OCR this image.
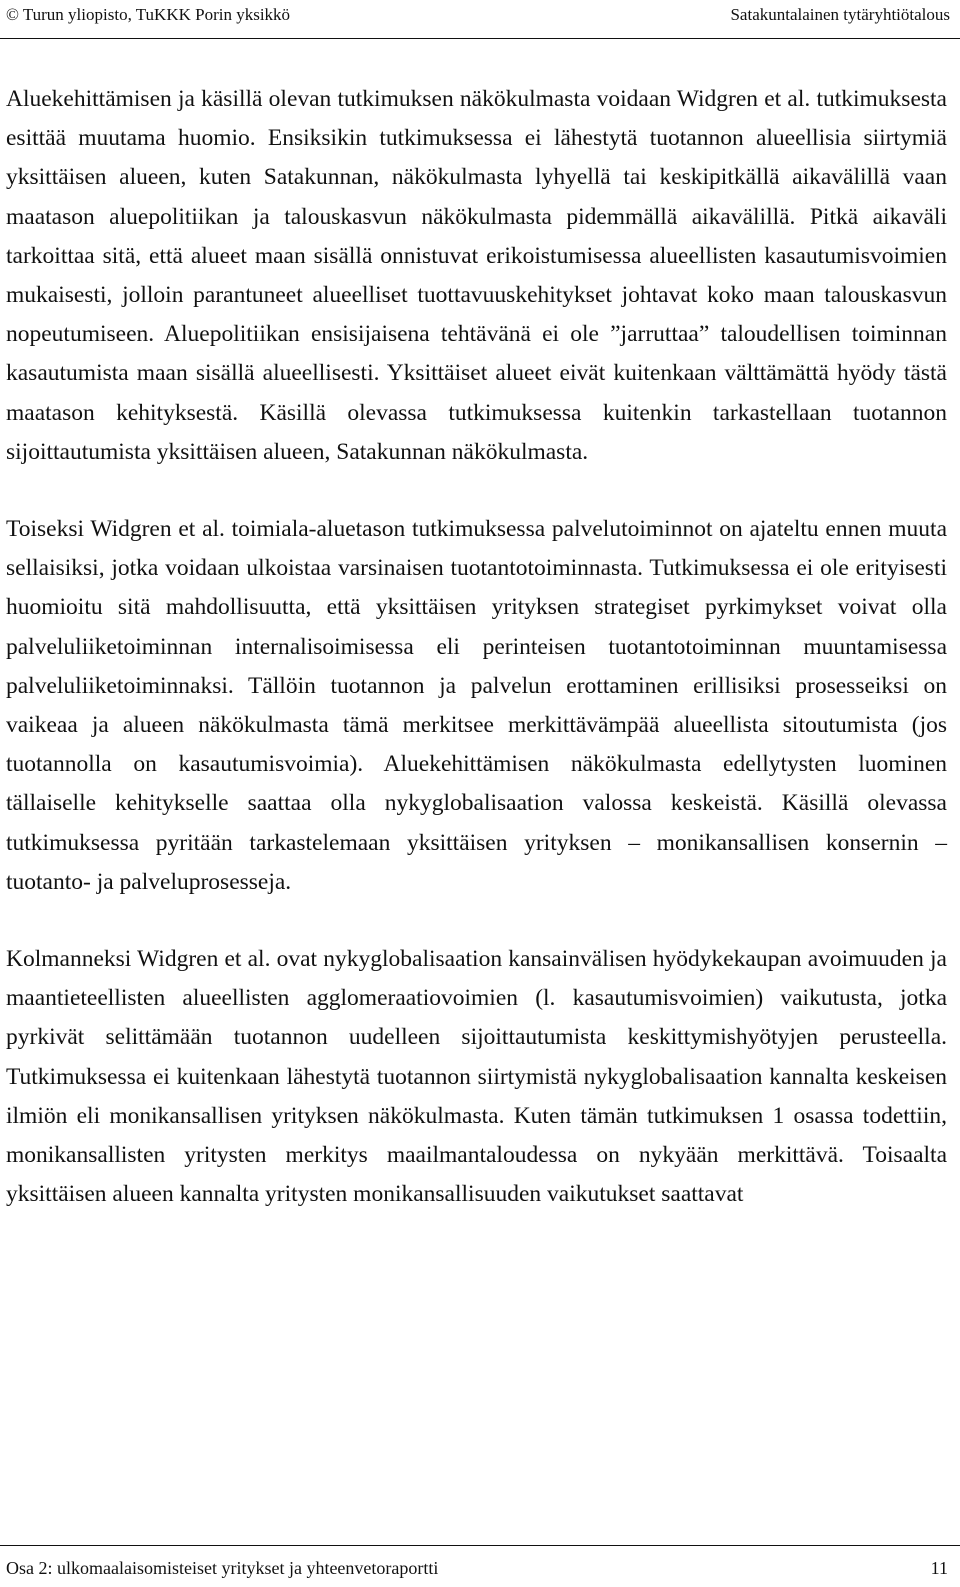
© Turun yliopisto, TuKKK Porin yksikkö	Satakuntalainen tytäryhtiötalous

Aluekehittämisen ja käsillä olevan tutkimuksen näkökulmasta voidaan Widgren et al. tutkimuksesta esittää muutama huomio. Ensiksikin tutkimuksessa ei lähestytä tuotannon alueellisia siirtymiä yksittäisen alueen, kuten Satakunnan, näkökulmasta lyhyellä tai keskipitkällä aikavälillä vaan maatason aluepolitiikan ja talouskasvun näkökulmasta pidemmällä aikavälillä. Pitkä aikaväli tarkoittaa sitä, että alueet maan sisällä onnistuvat erikoistumisessa alueellisten kasautumisvoimien mukaisesti, jolloin parantuneet alueelliset tuottavuuskehitykset johtavat koko maan talouskasvun nopeutumiseen. Aluepolitiikan ensisijaisena tehtävänä ei ole ”jarruttaa” taloudellisen toiminnan kasautumista maan sisällä alueellisesti. Yksittäiset alueet eivät kuitenkaan välttämättä hyödy tästä maatason kehityksestä. Käsillä olevassa tutkimuksessa kuitenkin tarkastellaan tuotannon sijoittautumista yksittäisen alueen, Satakunnan näkökulmasta.

Toiseksi Widgren et al. toimiala-aluetason tutkimuksessa palvelutoiminnot on ajateltu ennen muuta sellaisiksi, jotka voidaan ulkoistaa varsinaisen tuotantotoiminnasta. Tutkimuksessa ei ole erityisesti huomioitu sitä mahdollisuutta, että yksittäisen yrityksen strategiset pyrkimykset voivat olla palveluliiketoiminnan internalisoimisessa eli perinteisen tuotantotoiminnan muuntamisessa palveluliiketoiminnaksi. Tällöin tuotannon ja palvelun erottaminen erillisiksi prosesseiksi on vaikeaa ja alueen näkökulmasta tämä merkitsee merkittävämpää alueellista sitoutumista (jos tuotannolla on kasautumisvoimia). Aluekehittämisen näkökulmasta edellytysten luominen tällaiselle kehitykselle saattaa olla nykyglobalisaation valossa keskeistä. Käsillä olevassa tutkimuksessa pyritään tarkastelemaan yksittäisen yrityksen – monikansallisen konsernin – tuotanto- ja palveluprosesseja.

Kolmanneksi Widgren et al. ovat nykyglobalisaation kansainvälisen hyödykekaupan avoimuuden ja maantieteellisten alueellisten agglomeraatiovoimien (l. kasautumisvoimien) vaikutusta, jotka pyrkivät selittämään tuotannon uudelleen sijoittautumista keskittymishyötyjen perusteella. Tutkimuksessa ei kuitenkaan lähestytä tuotannon siirtymistä nykyglobalisaation kannalta keskeisen ilmiön eli monikansallisen yrityksen näkökulmasta. Kuten tämän tutkimuksen 1 osassa todettiin, monikansallisten yritysten merkitys maailmantaloudessa on nykyään merkittävä. Toisaalta yksittäisen alueen kannalta yritysten monikansallisuuden vaikutukset saattavat

Osa 2: ulkomaalaisomisteiset yritykset ja yhteenvetoraportti	11
